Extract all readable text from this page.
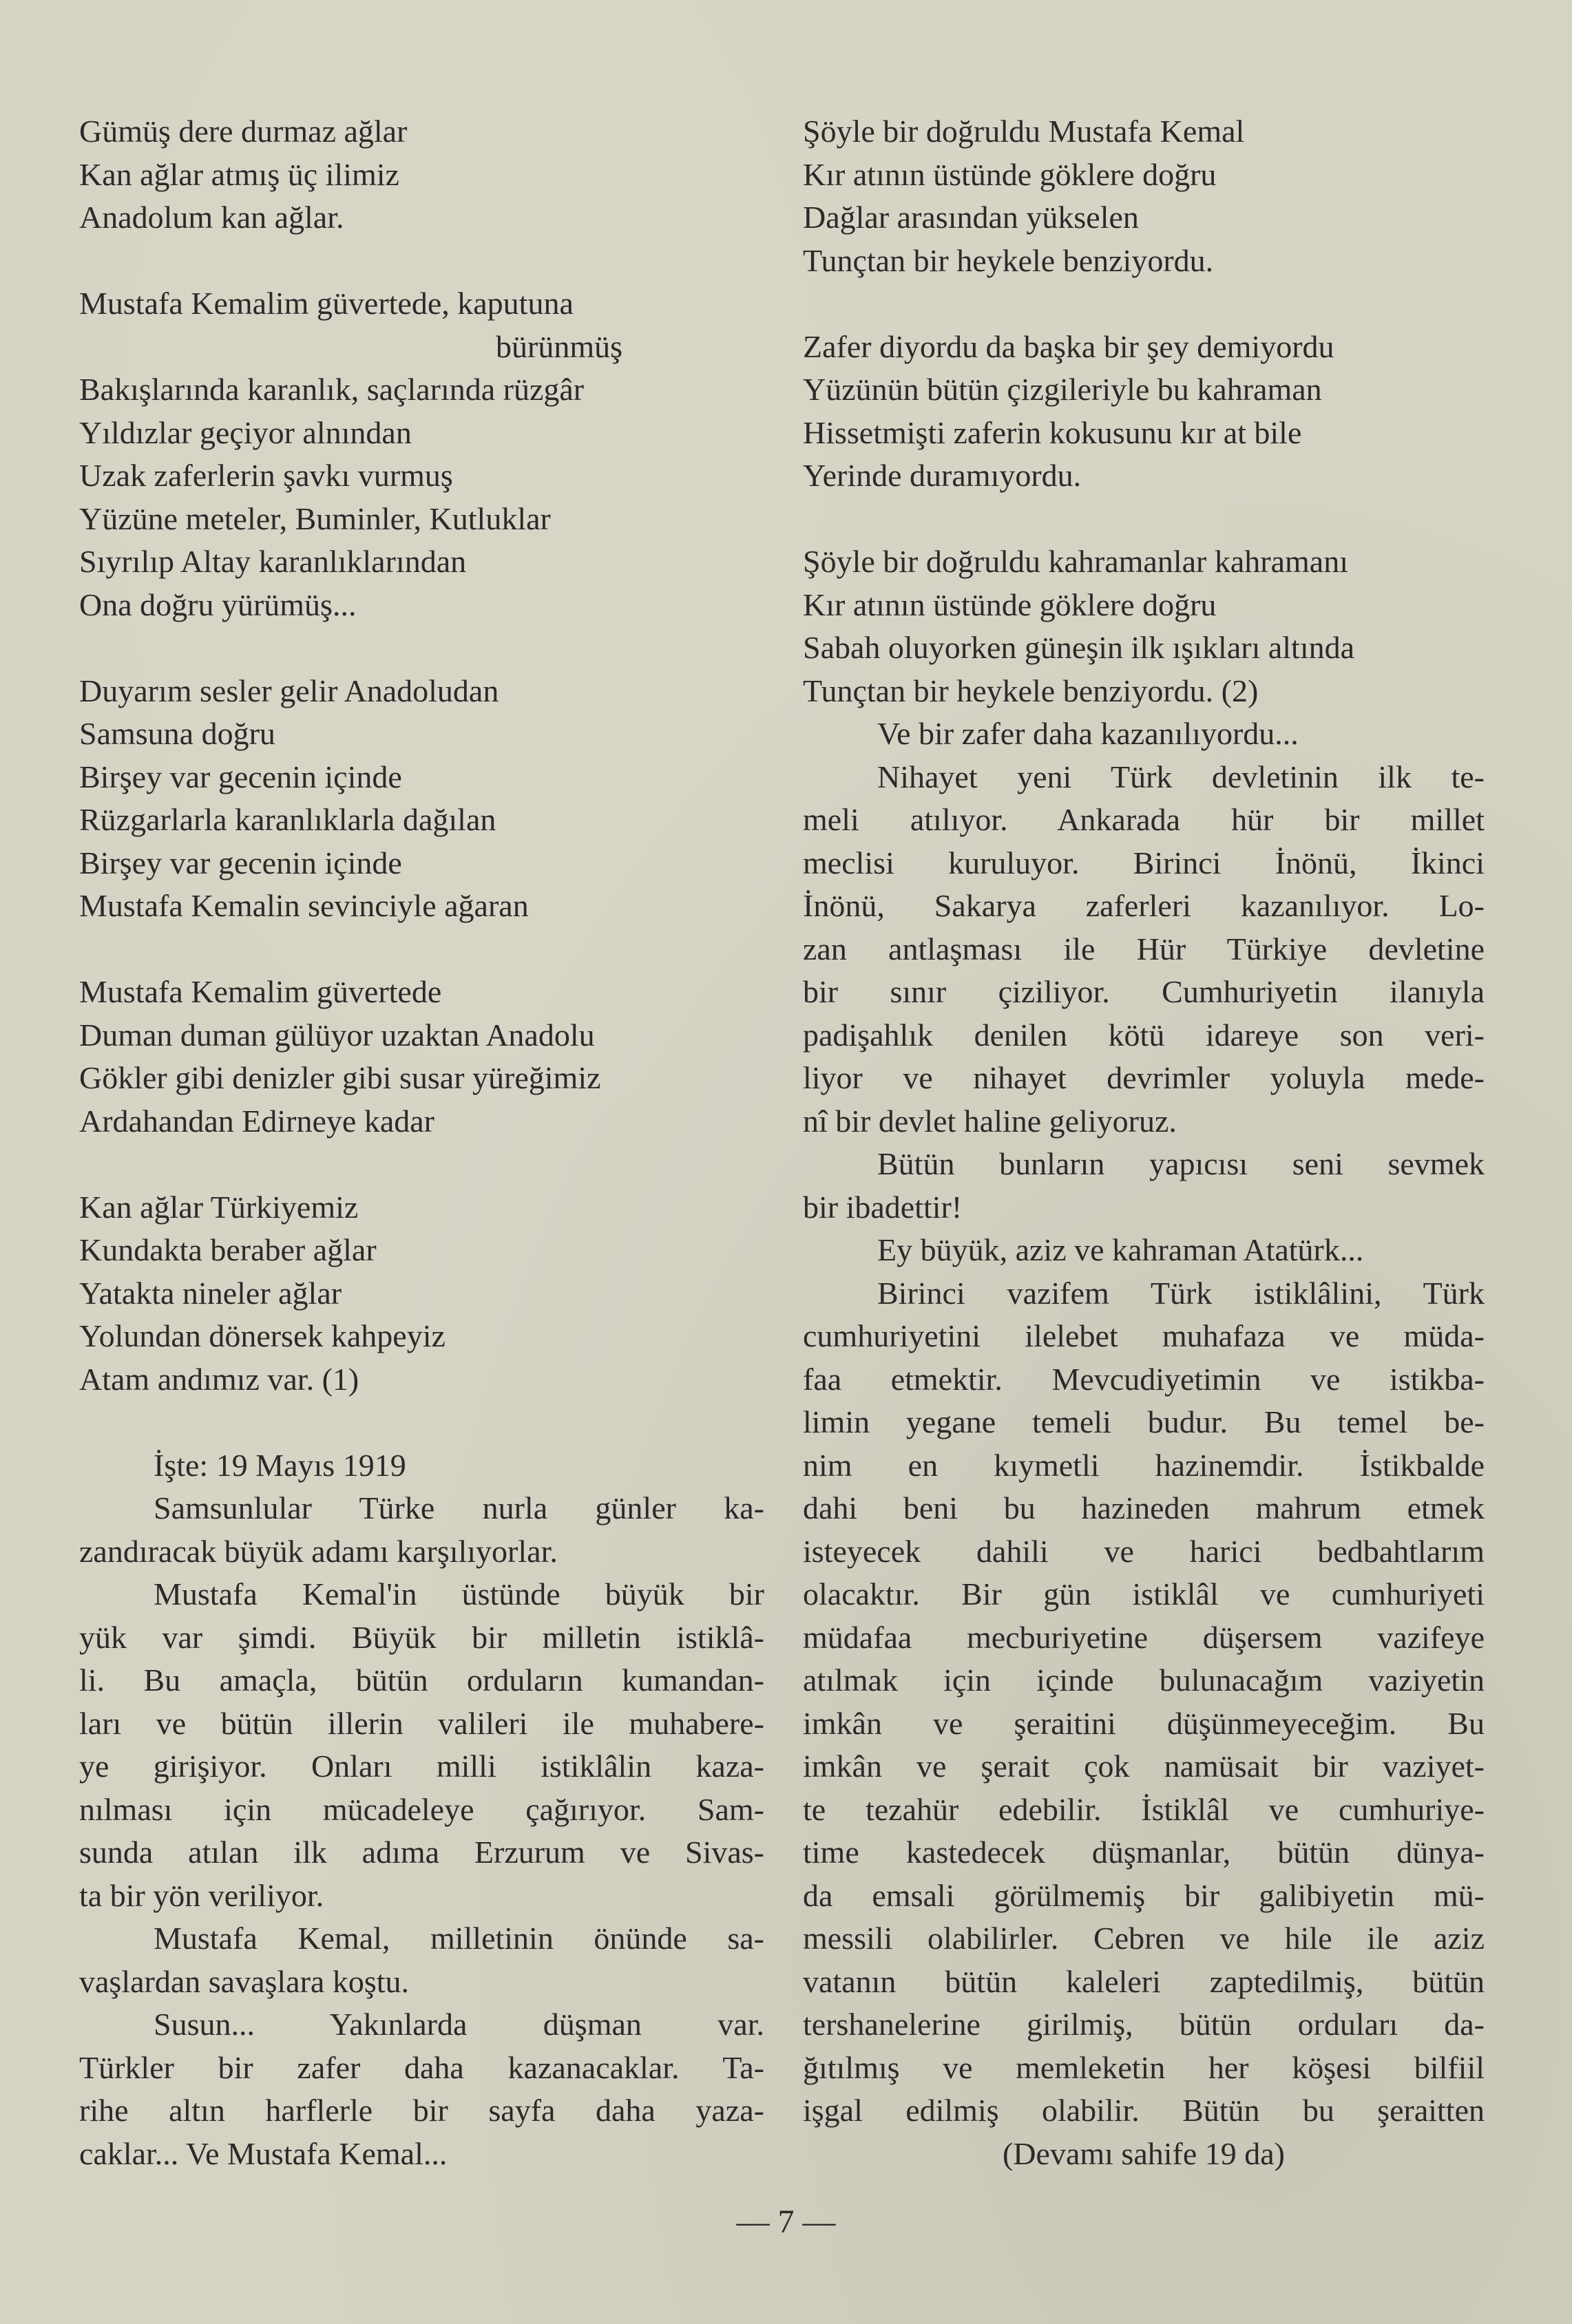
Gümüş dere durmaz ağlar
Kan ağlar atmış üç ilimiz
Anadolum kan ağlar.
Mustafa Kemalim güvertede, kaputuna
bürünmüş
Bakışlarında karanlık, saçlarında rüzgâr
Yıldızlar geçiyor alnından
Uzak zaferlerin şavkı vurmuş
Yüzüne meteler, Buminler, Kutluklar
Sıyrılıp Altay karanlıklarından
Ona doğru yürümüş...
Duyarım sesler gelir Anadoludan
Samsuna doğru
Birşey var gecenin içinde
Rüzgarlarla karanlıklarla dağılan
Birşey var gecenin içinde
Mustafa Kemalin sevinciyle ağaran
Mustafa Kemalim güvertede
Duman duman gülüyor uzaktan Anadolu
Gökler gibi denizler gibi susar yüreğimiz
Ardahandan Edirneye kadar
Kan ağlar Türkiyemiz
Kundakta beraber ağlar
Yatakta nineler ağlar
Yolundan dönersek kahpeyiz
Atam andımız var. (1)
İşte: 19 Mayıs 1919
Samsunlular Türke nurla günler ka-
zandıracak büyük adamı karşılıyorlar.
Mustafa Kemal'in üstünde büyük bir
yük var şimdi. Büyük bir milletin istiklâ-
li. Bu amaçla, bütün orduların kumandan-
ları ve bütün illerin valileri ile muhabere-
ye girişiyor. Onları milli istiklâlin kaza-
nılması için mücadeleye çağırıyor. Sam-
sunda atılan ilk adıma Erzurum ve Sivas-
ta bir yön veriliyor.
Mustafa Kemal, milletinin önünde sa-
vaşlardan savaşlara koştu.
Susun... Yakınlarda düşman var.
Türkler bir zafer daha kazanacaklar. Ta-
rihe altın harflerle bir sayfa daha yaza-
caklar... Ve Mustafa Kemal...
Şöyle bir doğruldu Mustafa Kemal
Kır atının üstünde göklere doğru
Dağlar arasından yükselen
Tunçtan bir heykele benziyordu.
Zafer diyordu da başka bir şey demiyordu
Yüzünün bütün çizgileriyle bu kahraman
Hissetmişti zaferin kokusunu kır at bile
Yerinde duramıyordu.
Şöyle bir doğruldu kahramanlar kahramanı
Kır atının üstünde göklere doğru
Sabah oluyorken güneşin ilk ışıkları altında
Tunçtan bir heykele benziyordu. (2)
Ve bir zafer daha kazanılıyordu...
Nihayet yeni Türk devletinin ilk te-
meli atılıyor. Ankarada hür bir millet
meclisi kuruluyor. Birinci İnönü, İkinci
İnönü, Sakarya zaferleri kazanılıyor. Lo-
zan antlaşması ile Hür Türkiye devletine
bir sınır çiziliyor. Cumhuriyetin ilanıyla
padişahlık denilen kötü idareye son veri-
liyor ve nihayet devrimler yoluyla mede-
nî bir devlet haline geliyoruz.
Bütün bunların yapıcısı seni sevmek
bir ibadettir!
Ey büyük, aziz ve kahraman Atatürk...
Birinci vazifem Türk istiklâlini, Türk
cumhuriyetini ilelebet muhafaza ve müda-
faa etmektir. Mevcudiyetimin ve istikba-
limin yegane temeli budur. Bu temel be-
nim en kıymetli hazinemdir. İstikbalde
dahi beni bu hazineden mahrum etmek
isteyecek dahili ve harici bedbahtlarım
olacaktır. Bir gün istiklâl ve cumhuriyeti
müdafaa mecburiyetine düşersem vazifeye
atılmak için içinde bulunacağım vaziyetin
imkân ve şeraitini düşünmeyeceğim. Bu
imkân ve şerait çok namüsait bir vaziyet-
te tezahür edebilir. İstiklâl ve cumhuriye-
time kastedecek düşmanlar, bütün dünya-
da emsali görülmemiş bir galibiyetin mü-
messili olabilirler. Cebren ve hile ile aziz
vatanın bütün kaleleri zaptedilmiş, bütün
tershanelerine girilmiş, bütün orduları da-
ğıtılmış ve memleketin her köşesi bilfiil
işgal edilmiş olabilir. Bütün bu şeraitten
(Devamı sahife 19 da)
— 7 —
